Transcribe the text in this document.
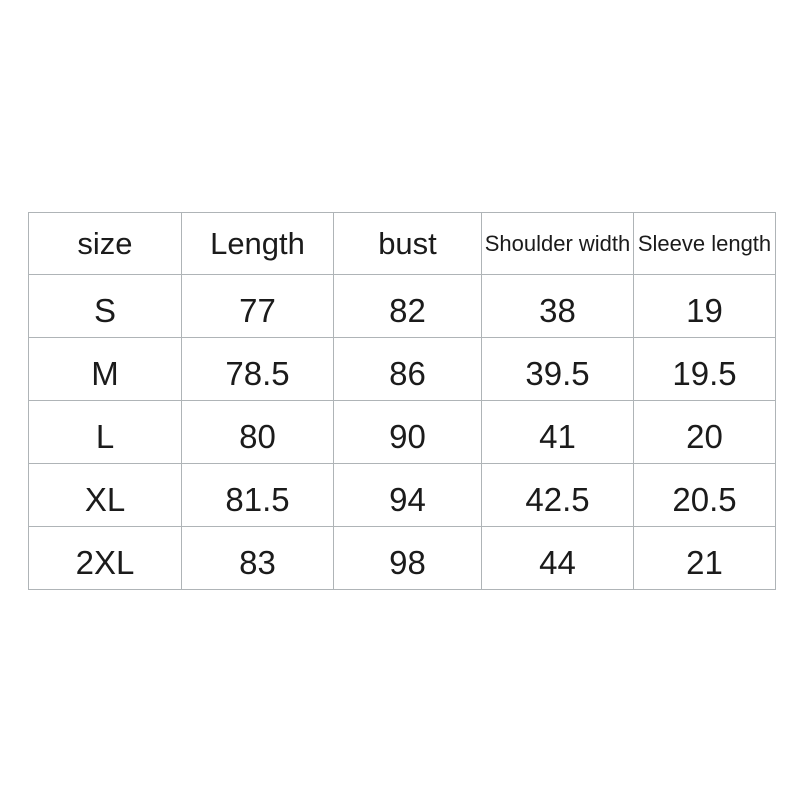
size	Length	bust	Shoulder width	Sleeve length
S	77	82	38	19
M	78.5	86	39.5	19.5
L	80	90	41	20
XL	81.5	94	42.5	20.5
2XL	83	98	44	21
